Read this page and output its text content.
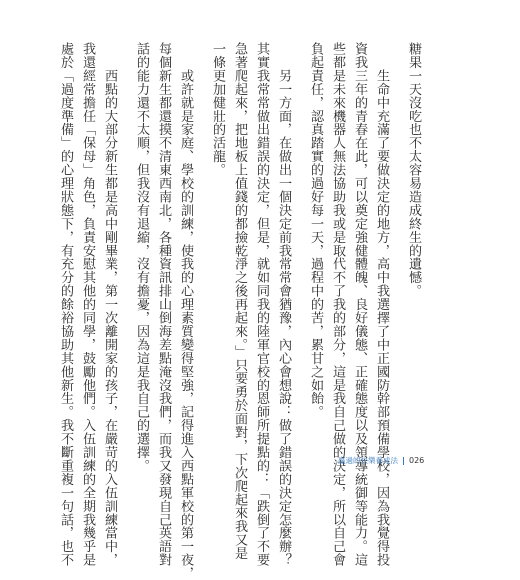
糖果一天沒吃也不太容易造成終生的遺憾。

生命中充滿了要做決定的地方，高中我選擇了中正國防幹部預備學校，因為我覺得投

資我三年的青春在此，可以奠定強健體魄、良好儀態、正確態度以及領導統御等能力。這

些都是未來機器人無法協助我或是取代不了我的部分，這是我自己做的決定，所以自己會

負起責任，認真踏實的過好每一天，過程中的苦，累甘之如飴。

另一方面，在做出一個決定前我常常會猶豫，內心會想說：做了錯誤的決定怎麼辦？

其實我常常做出錯誤的決定，但是，就如同我的陸軍官校的恩師所提點的：「跌倒了不要

急著爬起來，把地板上值錢的都撿乾淨之後再起來。」只要勇於面對，下次爬起來我又是

一條更加健壯的活龍。

或許就是家庭、學校的訓練，使我的心理素質變得堅強，記得進入西點軍校的第一夜，

每個新生都還摸不清東西南北，各種資訊排山倒海差點淹沒我們，而我又發現自己英語對

話的能力還不太順，但我沒有退縮，沒有擔憂，因為這是我自己的選擇。

西點的大部分新生都是高中剛畢業，第一次離開家的孩子，在嚴苛的入伍訓練當中，

我還經常擔任「保母」角色，負責安慰其他的同學，鼓勵他們。入伍訓練的全期我幾乎是

處於「過度準備」的心理狀態下，有充分的餘裕協助其他新生。我不斷重複一句話，也不	贏過的快樂養成法 026
